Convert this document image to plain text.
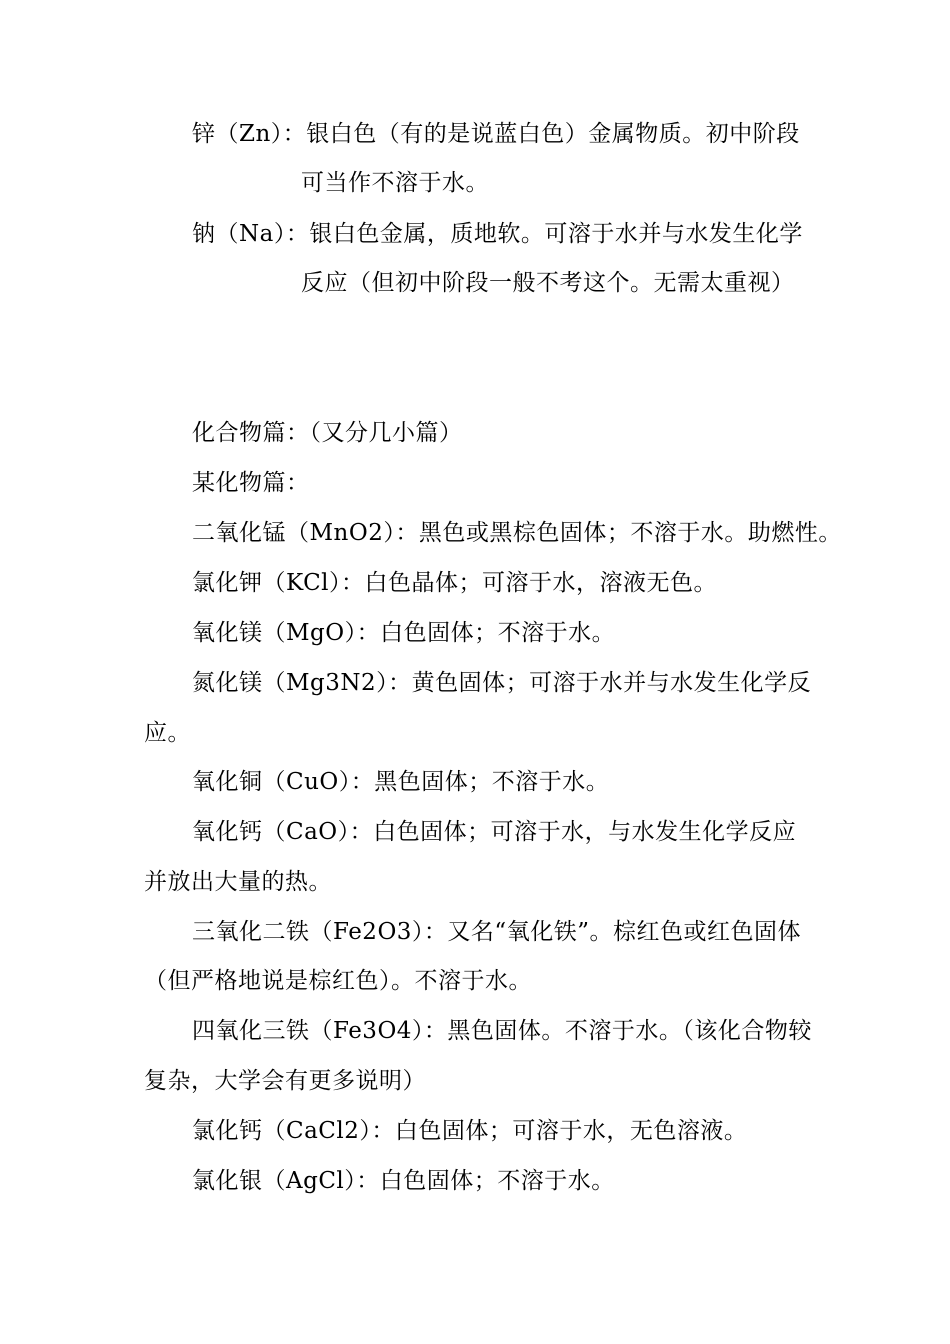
锌（Zn）：银白色（有的是说蓝白色）金属物质。初中阶段
可当作不溶于水。
钠（Na）：银白色金属，质地软。可溶于水并与水发生化学
反应（但初中阶段一般不考这个。无需太重视）
化合物篇：（又分几小篇）
某化物篇：
二氧化锰（MnO2）：黑色或黑棕色固体；不溶于水。助燃性。
氯化钾（KCl）：白色晶体；可溶于水，溶液无色。
氧化镁（MgO）：白色固体；不溶于水。
氮化镁（Mg3N2）：黄色固体；可溶于水并与水发生化学反
应。
氧化铜（CuO）：黑色固体；不溶于水。
氧化钙（CaO）：白色固体；可溶于水，与水发生化学反应
并放出大量的热。
三氧化二铁（Fe2O3）：又名“氧化铁”。棕红色或红色固体
（但严格地说是棕红色）。不溶于水。
四氧化三铁（Fe3O4）：黑色固体。不溶于水。（该化合物较
复杂，大学会有更多说明）
氯化钙（CaCl2）：白色固体；可溶于水，无色溶液。
氯化银（AgCl）：白色固体；不溶于水。
